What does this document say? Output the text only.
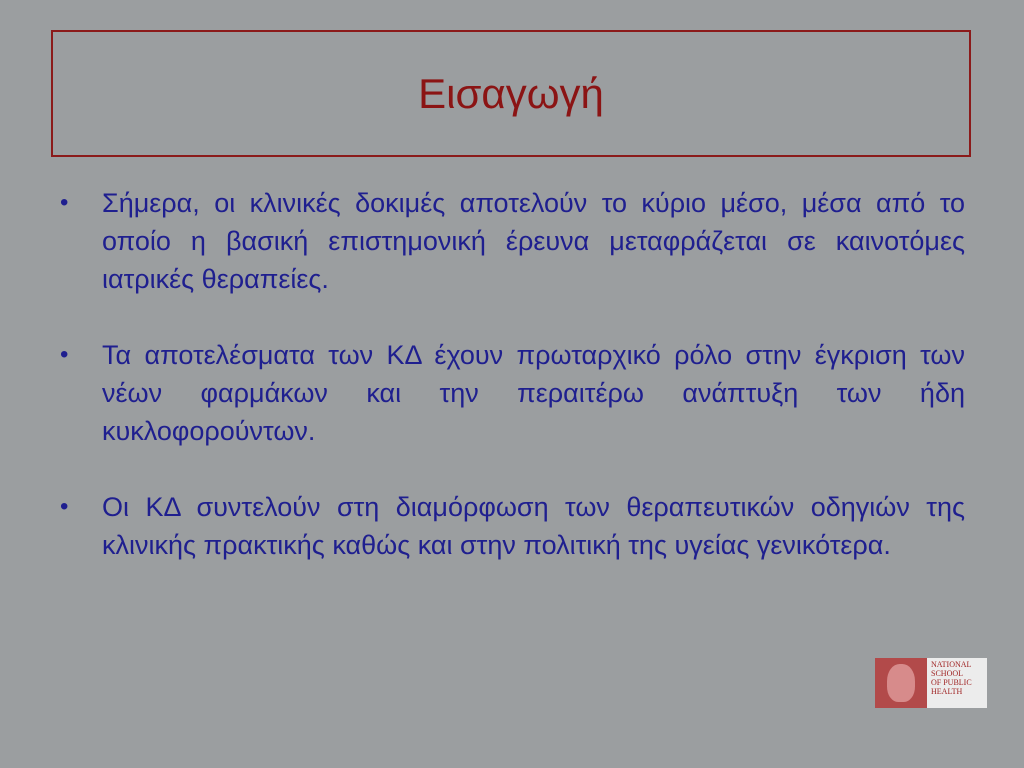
Εισαγωγή
•	Σήμερα, οι κλινικές δοκιμές αποτελούν το κύριο μέσο, μέσα από το οποίο η βασική επιστημονική έρευνα μεταφράζεται σε καινοτόμες ιατρικές θεραπείες.
•	Τα αποτελέσματα των ΚΔ έχουν πρωταρχικό ρόλο στην έγκριση των νέων φαρμάκων και την περαιτέρω ανάπτυξη των ήδη κυκλοφορούντων.
•	Οι ΚΔ συντελούν στη διαμόρφωση των θεραπευτικών οδηγιών της κλινικής πρακτικής καθώς και στην πολιτική της υγείας γενικότερα.
NATIONAL
SCHOOL
OF PUBLIC
HEALTH
